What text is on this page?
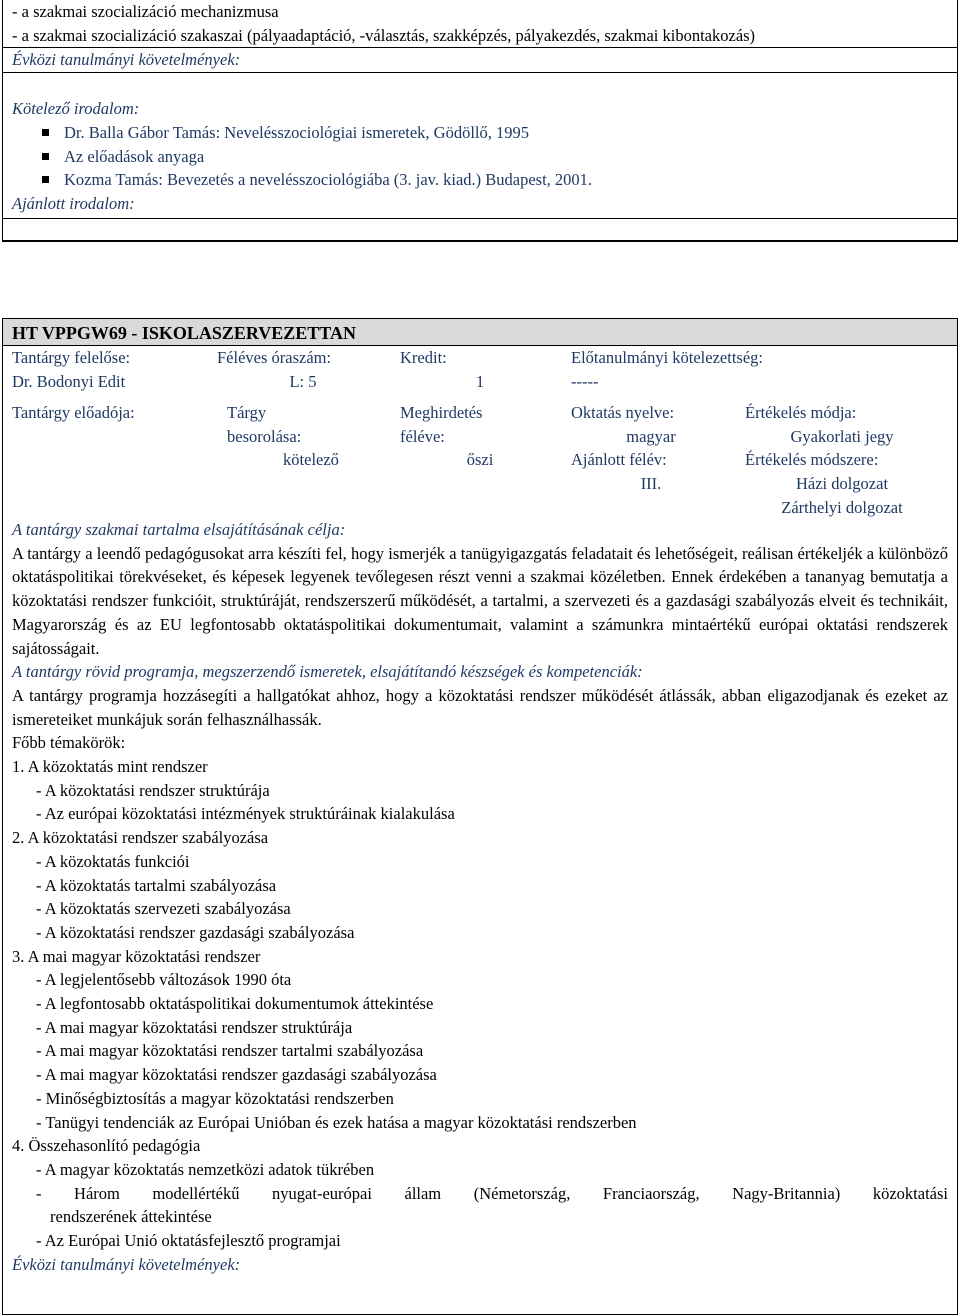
- a szakmai szocializáció mechanizmusa
- a szakmai szocializáció szakaszai (pályaadaptáció, -választás, szakképzés, pályakezdés, szakmai kibontakozás)
Évközi tanulmányi követelmények:
Kötelező irodalom:
Dr. Balla Gábor Tamás: Nevelésszociológiai ismeretek, Gödöllő, 1995
Az előadások anyaga
Kozma Tamás: Bevezetés a nevelésszociológiába (3. jav. kiad.) Budapest, 2001.
Ajánlott irodalom:
HT VPPGW69 - ISKOLASZERVEZETTAN
Tantárgy felelőse:
Dr. Bodonyi Edit
Féléves óraszám:
L: 5
Kredit:
1
Előtanulmányi kötelezettség:
-----
Tantárgy előadója:	Tárgy
besorolása:
kötelező
Meghirdetés
féléve:
őszi
Oktatás nyelve:
magyar
Ajánlott félév:
III.
Értékelés módja:
Gyakorlati jegy
Értékelés módszere:
Házi dolgozat
Zárthelyi dolgozat
A tantárgy szakmai tartalma elsajátításának célja:
A tantárgy a leendő pedagógusokat arra készíti fel, hogy ismerjék a tanügyigazgatás feladatait és lehetőségeit, reálisan értékeljék a különböző oktatáspolitikai törekvéseket, és képesek legyenek tevőlegesen részt venni a szakmai közéletben. Ennek érdekében a tananyag bemutatja a közoktatási rendszer funkcióit, struktúráját, rendszerszerű működését, a tartalmi, a szervezeti és a gazdasági szabályozás elveit és technikáit, Magyarország és az EU legfontosabb oktatáspolitikai dokumentumait, valamint a számunkra mintaértékű európai oktatási rendszerek sajátosságait.
A tantárgy rövid programja, megszerzendő ismeretek, elsajátítandó készségek és kompetenciák:
A tantárgy programja hozzásegíti a hallgatókat ahhoz, hogy a közoktatási rendszer működését átlássák, abban eligazodjanak és ezeket az ismereteiket munkájuk során felhasználhassák.
Főbb témakörök:
1. A közoktatás mint rendszer
- A közoktatási rendszer struktúrája
- Az európai közoktatási intézmények struktúráinak kialakulása
2. A közoktatási rendszer szabályozása
- A közoktatás funkciói
- A közoktatás tartalmi szabályozása
- A közoktatás szervezeti szabályozása
- A közoktatási rendszer gazdasági szabályozása
3. A mai magyar közoktatási rendszer
- A legjelentősebb változások 1990 óta
- A legfontosabb oktatáspolitikai dokumentumok áttekintése
- A mai magyar közoktatási rendszer struktúrája
- A mai magyar közoktatási rendszer tartalmi szabályozása
- A mai magyar közoktatási rendszer gazdasági szabályozása
- Minőségbiztosítás a magyar közoktatási rendszerben
- Tanügyi tendenciák az Európai Unióban és ezek hatása a magyar közoktatási rendszerben
4. Összehasonlító pedagógia
- A magyar közoktatás nemzetközi adatok tükrében
- Három modellértékű nyugat-európai állam (Németország, Franciaország, Nagy-Britannia) közoktatási
rendszerének áttekintése
- Az Európai Unió oktatásfejlesztő programjai
Évközi tanulmányi követelmények:
